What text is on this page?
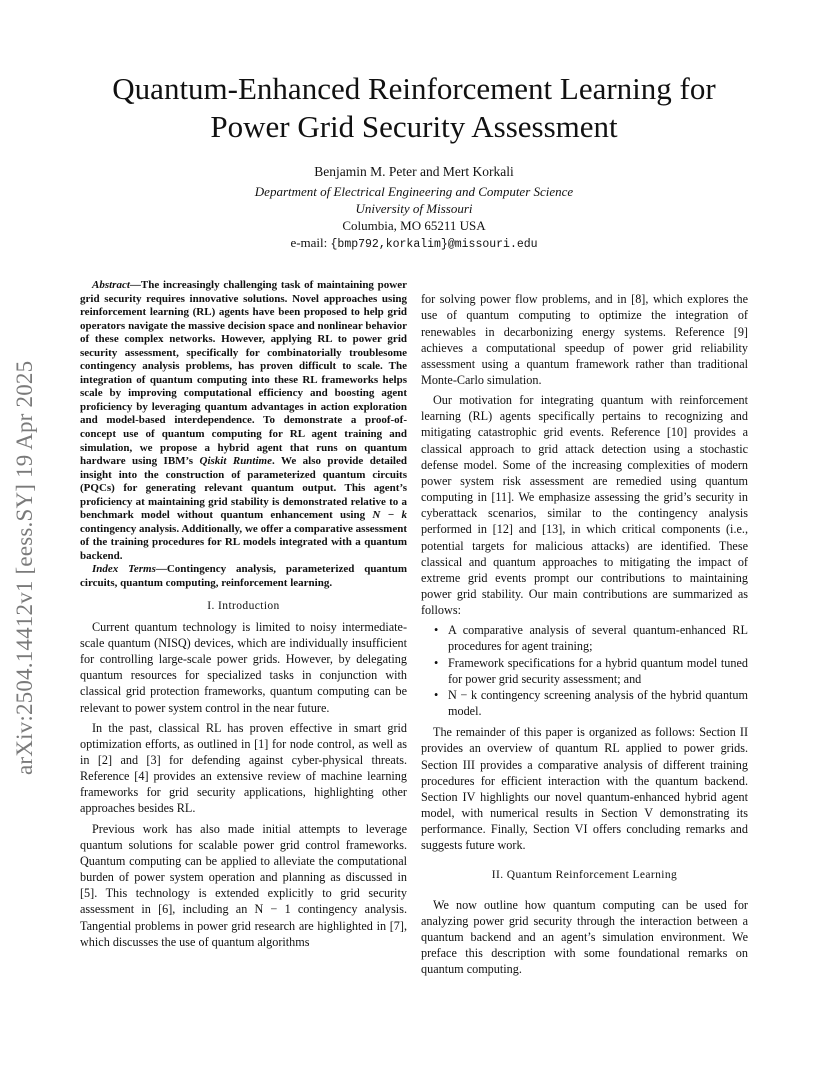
arXiv:2504.14412v1 [eess.SY] 19 Apr 2025
Quantum-Enhanced Reinforcement Learning for
Power Grid Security Assessment
Benjamin M. Peter and Mert Korkali
Department of Electrical Engineering and Computer Science
University of Missouri
Columbia, MO 65211 USA
e-mail: {bmp792,korkalim}@missouri.edu

Abstract—The increasingly challenging task of maintaining power grid security requires innovative solutions. Novel approaches using reinforcement learning (RL) agents have been proposed to help grid operators navigate the massive decision space and nonlinear behavior of these complex networks. However, applying RL to power grid security assessment, specifically for combinatorially troublesome contingency analysis problems, has proven difficult to scale. The integration of quantum computing into these RL frameworks helps scale by improving computational efficiency and boosting agent proficiency by leveraging quantum advantages in action exploration and model-based interdependence. To demonstrate a proof-of-concept use of quantum computing for RL agent training and simulation, we propose a hybrid agent that runs on quantum hardware using IBM’s Qiskit Runtime. We also provide detailed insight into the construction of parameterized quantum circuits (PQCs) for generating relevant quantum output. This agent’s proficiency at maintaining grid stability is demonstrated relative to a benchmark model without quantum enhancement using N − k contingency analysis. Additionally, we offer a comparative assessment of the training procedures for RL models integrated with a quantum backend.

Index Terms—Contingency analysis, parameterized quantum circuits, quantum computing, reinforcement learning.

I. Introduction

Current quantum technology is limited to noisy intermediate-scale quantum (NISQ) devices, which are individually insufficient for controlling large-scale power grids. However, by delegating quantum resources for specialized tasks in conjunction with classical grid protection frameworks, quantum computing can be relevant to power system control in the near future.

In the past, classical RL has proven effective in smart grid optimization efforts, as outlined in [1] for node control, as well as in [2] and [3] for defending against cyber-physical threats. Reference [4] provides an extensive review of machine learning frameworks for grid security applications, highlighting other approaches besides RL.

Previous work has also made initial attempts to leverage quantum solutions for scalable power grid control frameworks. Quantum computing can be applied to alleviate the computational burden of power system operation and planning as discussed in [5]. This technology is extended explicitly to grid security assessment in [6], including an N − 1 contingency analysis. Tangential problems in power grid research are highlighted in [7], which discusses the use of quantum algorithms

for solving power flow problems, and in [8], which explores the use of quantum computing to optimize the integration of renewables in decarbonizing energy systems. Reference [9] achieves a computational speedup of power grid reliability assessment using a quantum framework rather than traditional Monte-Carlo simulation.

Our motivation for integrating quantum with reinforcement learning (RL) agents specifically pertains to recognizing and mitigating catastrophic grid events. Reference [10] provides a classical approach to grid attack detection using a stochastic defense model. Some of the increasing complexities of modern power system risk assessment are remedied using quantum computing in [11]. We emphasize assessing the grid’s security in cyberattack scenarios, similar to the contingency analysis performed in [12] and [13], in which critical components (i.e., potential targets for malicious attacks) are identified. These classical and quantum approaches to mitigating the impact of extreme grid events prompt our contributions to maintaining power grid stability. Our main contributions are summarized as follows:

• A comparative analysis of several quantum-enhanced RL procedures for agent training;
• Framework specifications for a hybrid quantum model tuned for power grid security assessment; and
• N − k contingency screening analysis of the hybrid quantum model.

The remainder of this paper is organized as follows: Section II provides an overview of quantum RL applied to power grids. Section III provides a comparative analysis of different training procedures for efficient interaction with the quantum backend. Section IV highlights our novel quantum-enhanced hybrid agent model, with numerical results in Section V demonstrating its performance. Finally, Section VI offers concluding remarks and suggests future work.

II. Quantum Reinforcement Learning

We now outline how quantum computing can be used for analyzing power grid security through the interaction between a quantum backend and an agent’s simulation environment. We preface this description with some foundational remarks on quantum computing.
